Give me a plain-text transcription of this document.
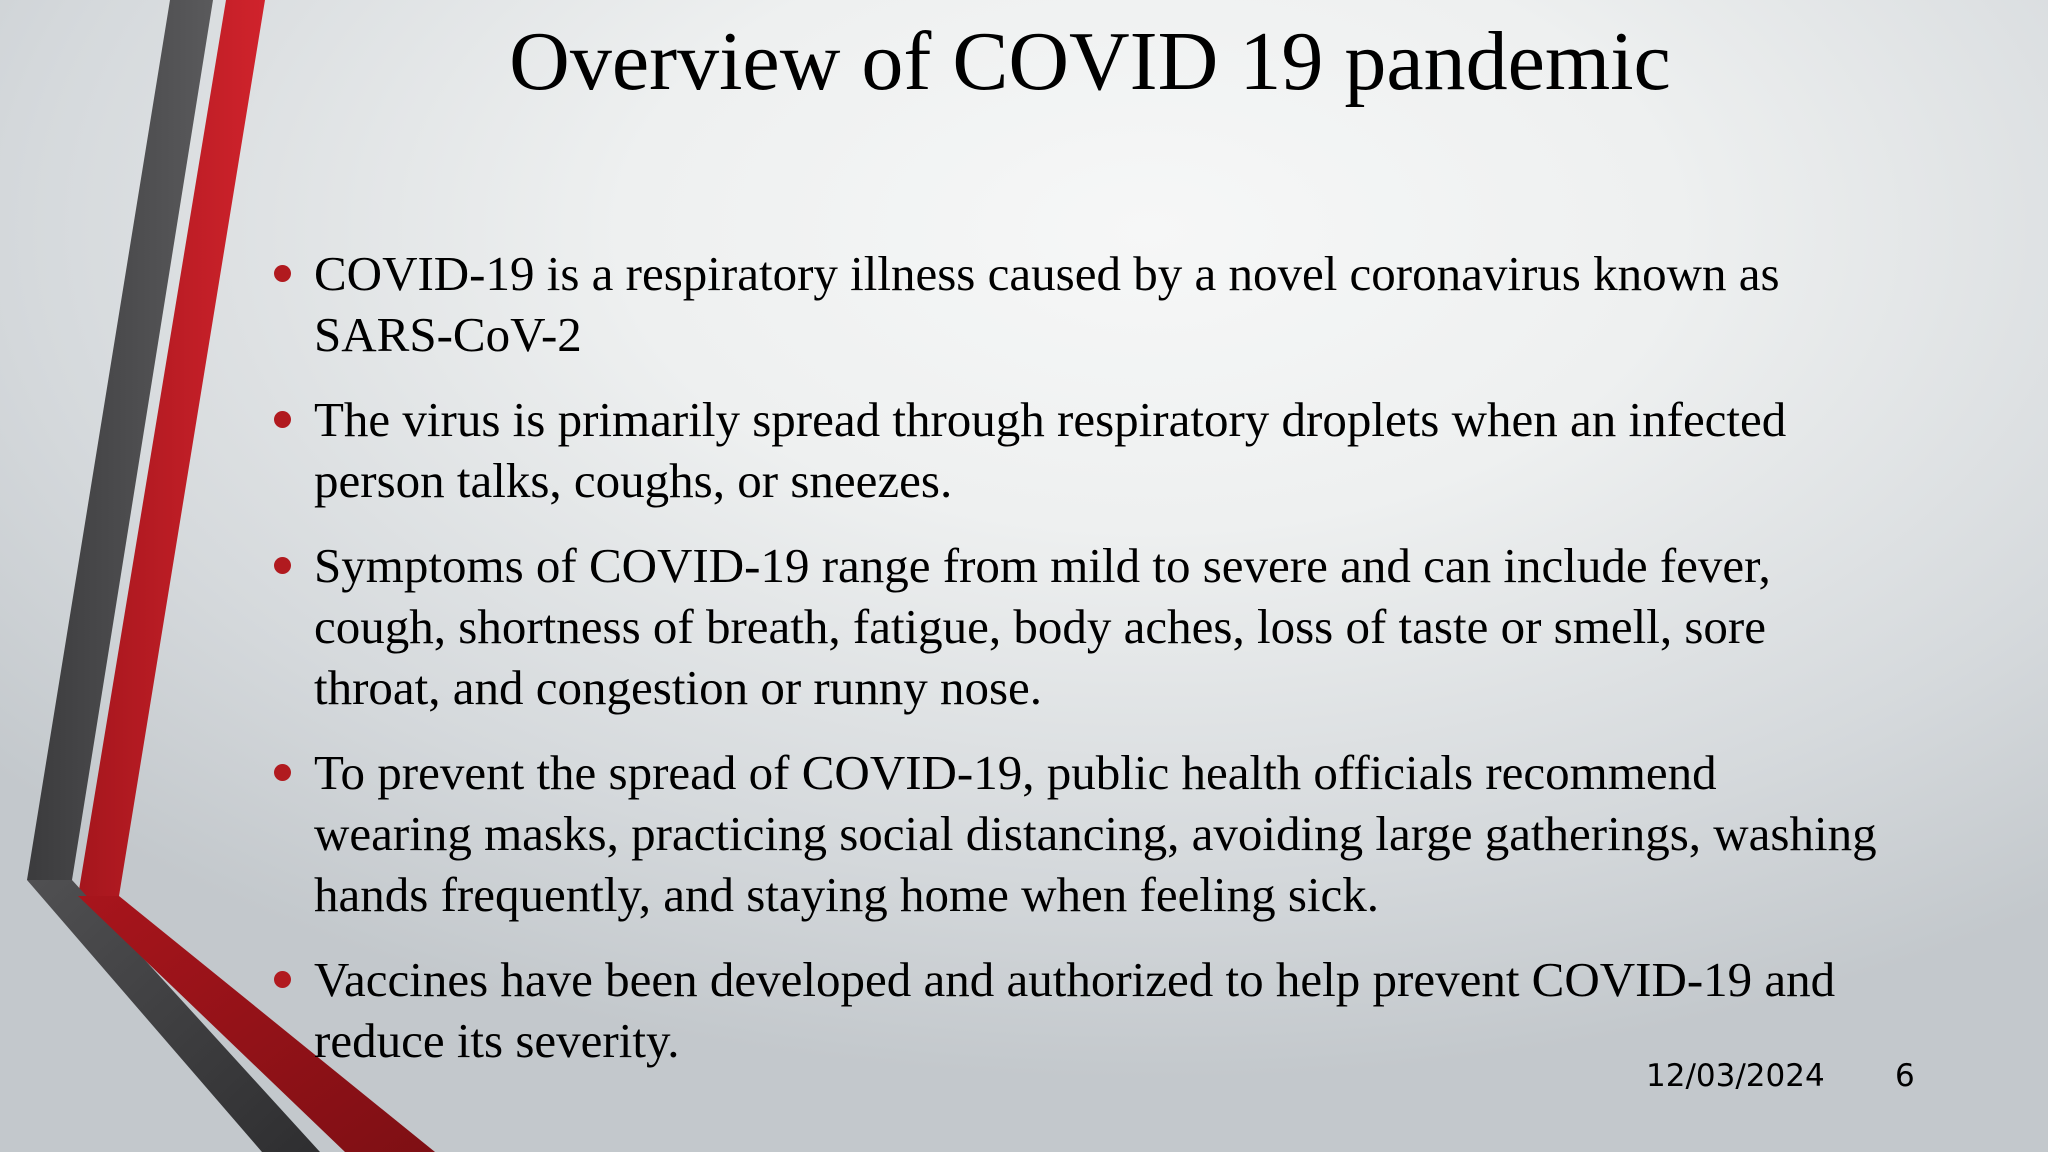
Overview of COVID 19 pandemic
COVID-19 is a respiratory illness caused by a novel coronavirus known as SARS-CoV-2
The virus is primarily spread through respiratory droplets when an infected person talks, coughs, or sneezes.
Symptoms of COVID-19 range from mild to severe and can include fever, cough, shortness of breath, fatigue, body aches, loss of taste or smell, sore throat, and congestion or runny nose.
To prevent the spread of COVID-19, public health officials recommend wearing masks, practicing social distancing, avoiding large gatherings, washing hands frequently, and staying home when feeling sick.
Vaccines have been developed and authorized to help prevent COVID-19 and reduce its severity.
12/03/2024	6
